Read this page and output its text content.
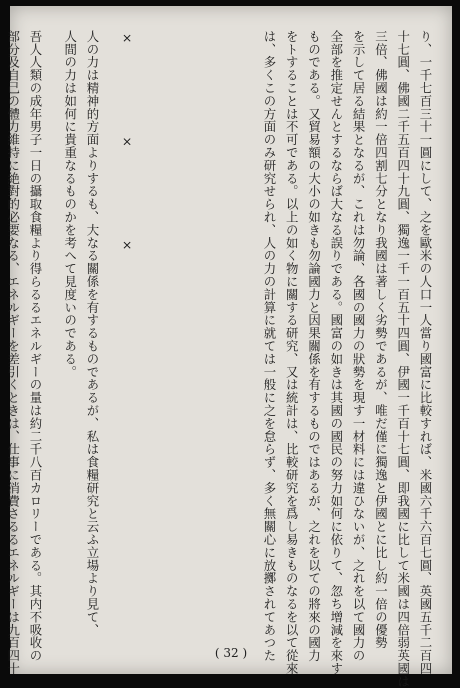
り、一千七百三十一圓にして、之を歐米の人口一人當り國富に比較すれば、米國六千六百七圓、英國五千二百四
十七圓、佛國二千五百四十九圓、獨逸一千一百五十四圓、伊國一千百十七圓、即我國に比して米國は四倍弱英國は
三倍、佛國は約一倍四割七分となり我國は著しく劣勢であるが、唯だ僅に獨逸と伊國とに比し約一倍の優勢
を示して居る結果となるが、これは勿論、各國の國力の狀勢を現す一材料には違ひないが、之れを以て國力の
全部を推定せんとするならば大なる誤りである。國富の如きは其國の國民の努力如何に依りて、忽ち增減を來す
ものである。又貿易額の大小の如きも勿論國力と因果關係を有するものではあるが、之れを以ての將來の國力
をトすることは不可である。以上の如く物に關する研究、又は統計は、比較研究を爲し易きものなるを以て從來
は、多くこの方面のみ研究せられ、人の力の計算に就ては一般に之を怠らず、多く無關心に放擲されてあつた
×　×　×
人の力は精神的方面よりするも、大なる關係を有するものであるが、私は食糧研究と云ふ立場より見て、
人間の力は如何に貴重なるものかを考へて見度いのである。
吾人人類の成年男子一日の攝取食糧より得らるるエネルギーの量は約二千八百カロリーである。其内不吸收の
部分及自己の體力維持に絶對的必要なる、エネルギーを差引くときは、仕事に消費さるるエネルギーは九百四十	( 32 )
